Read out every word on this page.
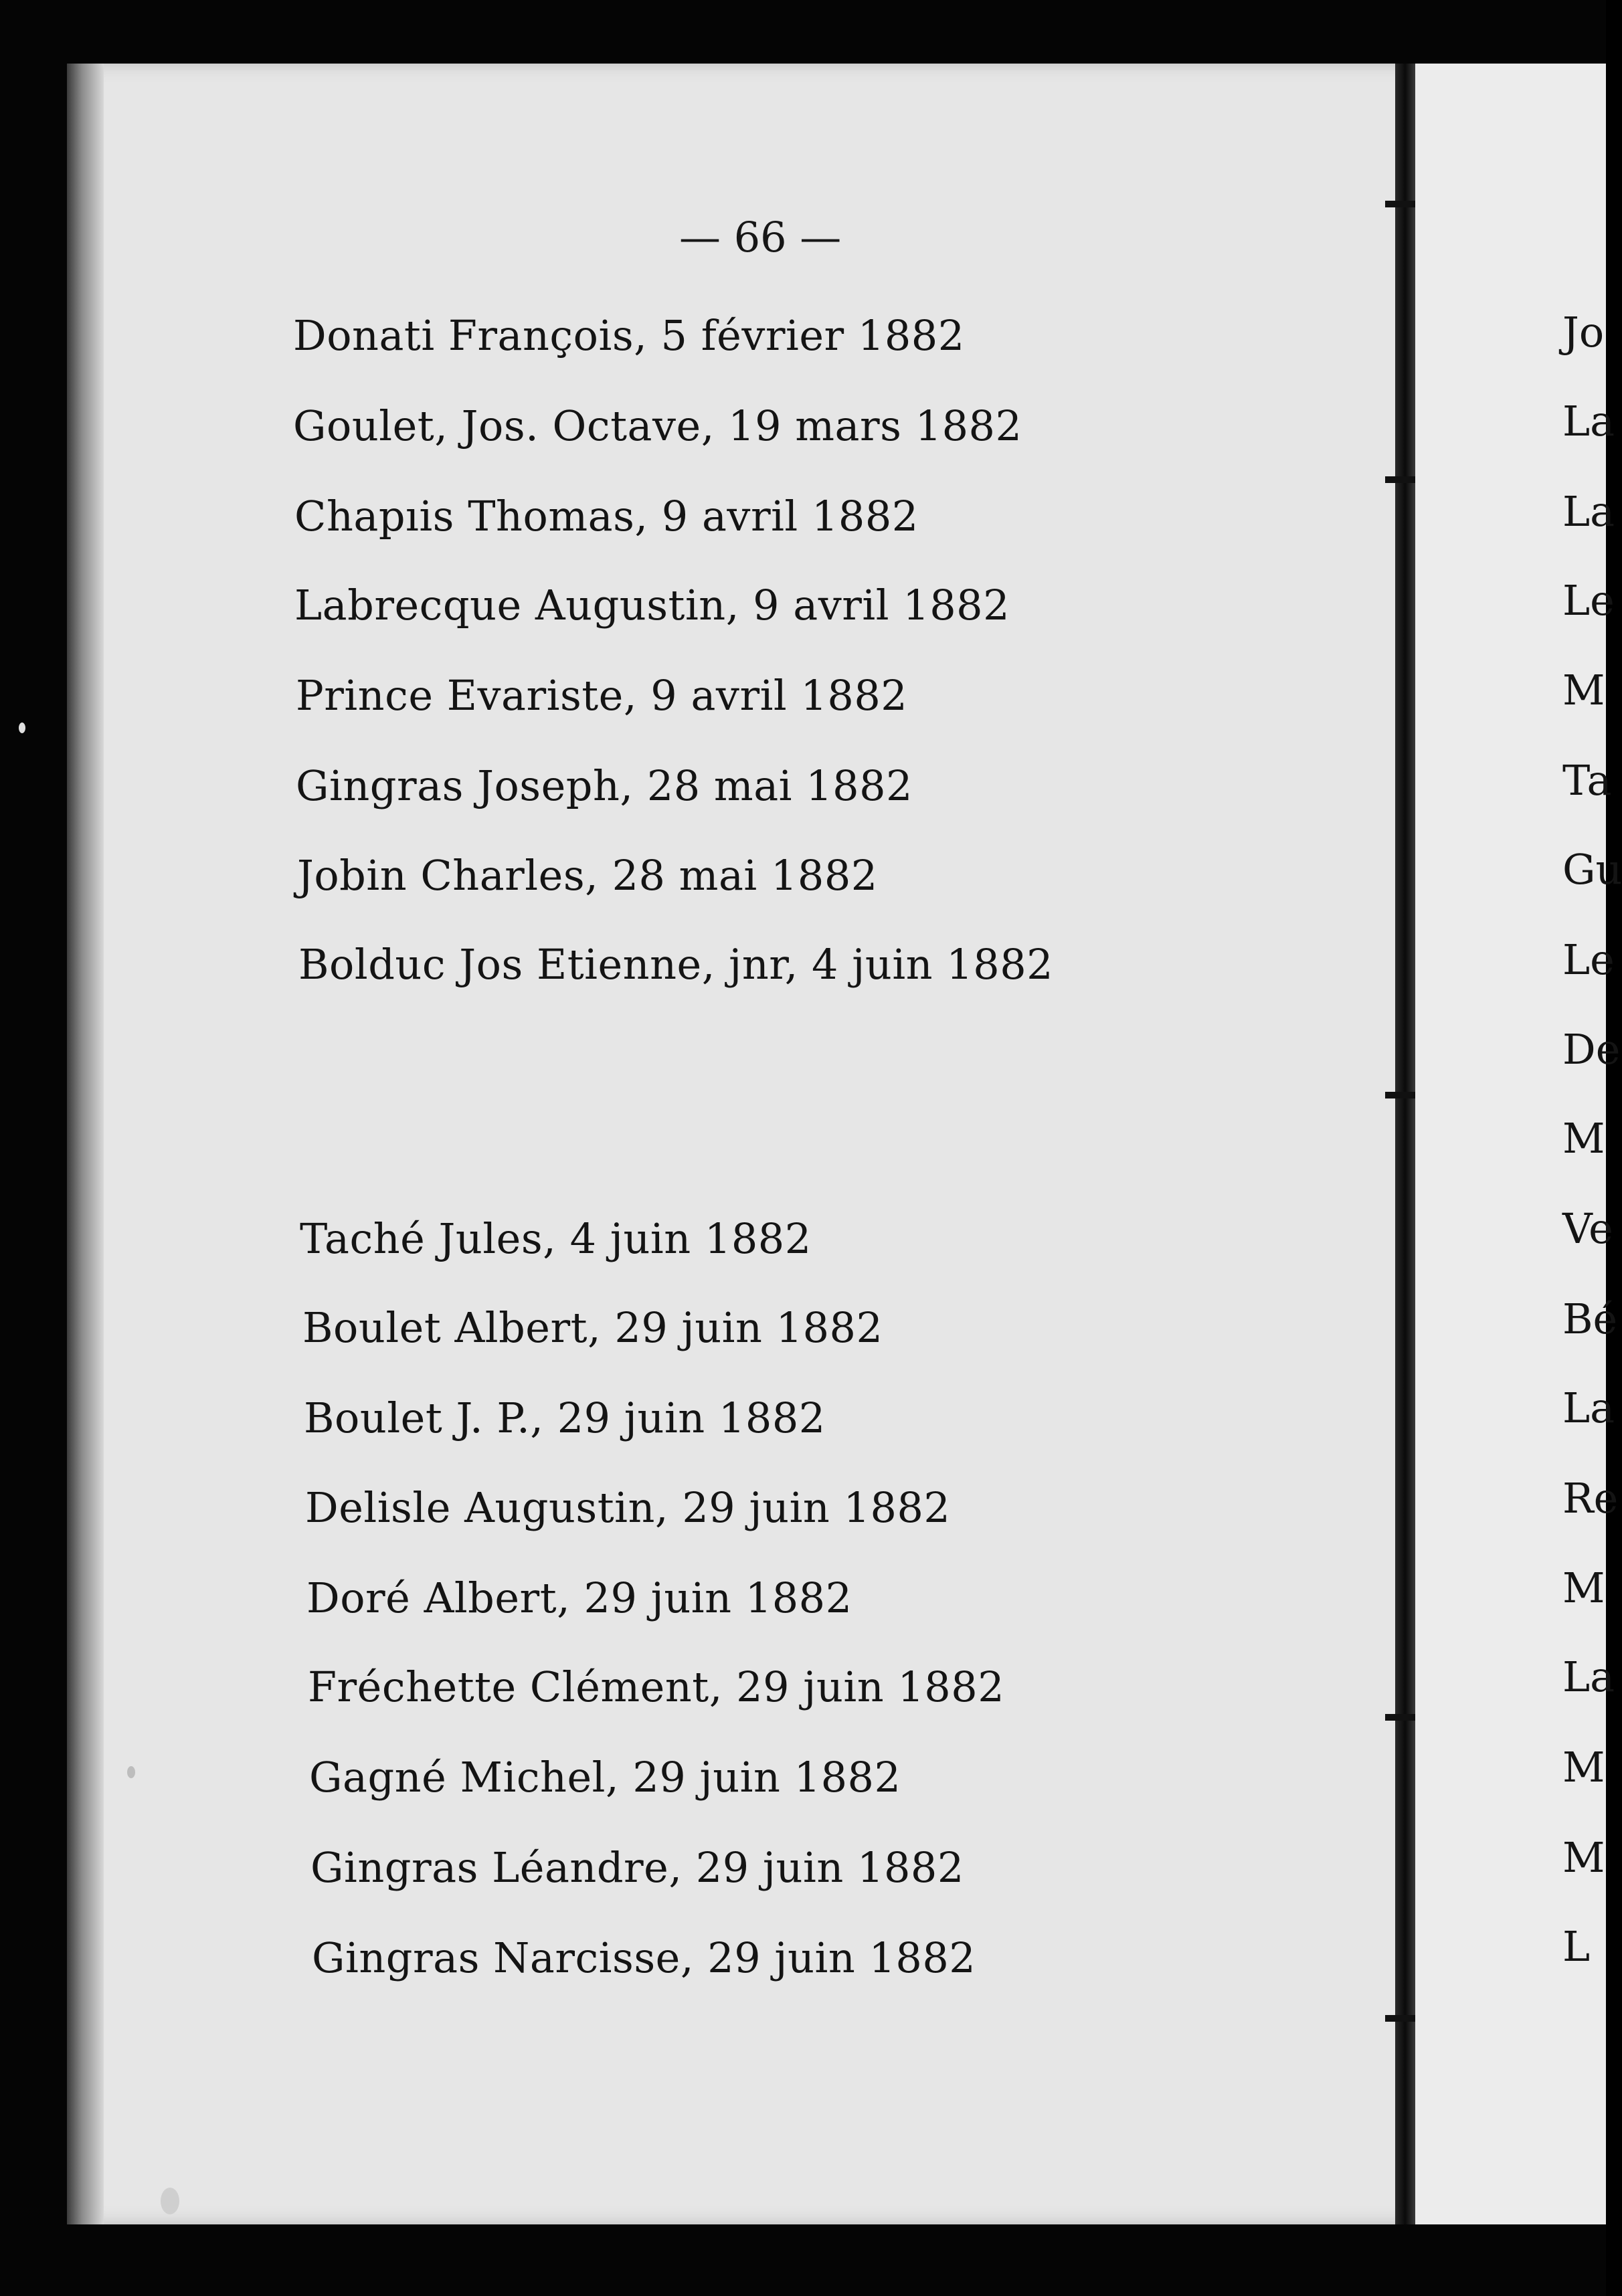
— 66 —
Donati François, 5 février 1882
Goulet, Jos. Octave, 19 mars 1882
Chapıis Thomas, 9 avril 1882
Labrecque Augustin, 9 avril 1882
Prince Evariste, 9 avril 1882
Gingras Joseph, 28 mai 1882
Jobin Charles, 28 mai 1882
Bolduc Jos Etienne, jnr, 4 juin 1882
Taché Jules, 4 juin 1882
Boulet Albert, 29 juin 1882
Boulet J. P., 29 juin 1882
Delisle Augustin, 29 juin 1882
Doré Albert, 29 juin 1882
Fréchette Clément, 29 juin 1882
Gagné Michel, 29 juin 1882
Gingras Léandre, 29 juin 1882
Gingras Narcisse, 29 juin 1882
Jo
La
La
Le
M
Ta
Gu
Le
De
M
Ve
Bé
La
Re
M
La
M
M
L
